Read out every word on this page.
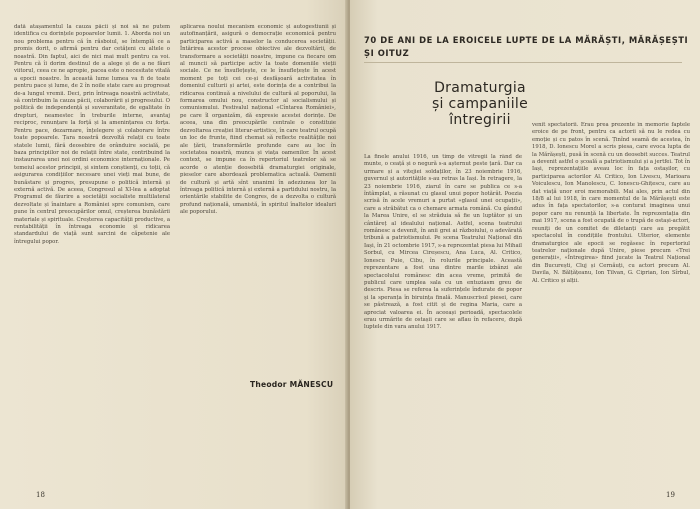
dată atașamentul la cauza păcii și noi să ne putem identifica cu dorințele popoarelor lumii. 1. Aborda noi un nou problema pentru că în răsboiul, se întemplă ce a promis dorit, o afirmă pentru dar cetățeni cu altele o noastră. Din faptul, aici de nici mai mult pentru ca voi. Pentru că îi dorim destinul de a alege și de a ne făuri viitorul, ceea ce ne apropie, pacea este o necesitate vitală a epocii noastre. În această lume lumea va fi de toate pentru pace și lume, de 2 în noile state care au progresat de-a lungul vremii. Deci, prin întreaga noastră activitate, să contribuim la cauza păcii, colaborării și progresului. O politică de independență și suveranitate, de egalitate în drepturi, neamestec în treburile interne, avantaj reciproc, renunțare la forță și la amenințarea cu forța. Pentru pace, dezarmare, înțelegere și colaborare între toate popoarele. Țara noastră dezvoltă relații cu toate statele lumii, fără deosebire de orânduire socială, pe baza principiilor noi de relații între state, contribuind la instaurarea unei noi ordini economice internaționale. Pe temeiul acestor principii, și sintem conștienți, cu toții, că asigurarea condițiilor necesare unei vieți mai bune, de bunăstare și progres, presupune o politică internă și externă activă. De aceea, Congresul al XI-lea a adoptat Programul de făurire a societății socialiste multilateral dezvoltate și înaintare a României spre comunism, care pune în centrul preocupărilor omul, creșterea bunăstării materiale și spirituale. Creșterea capacității productive, a rentabilității în întreaga economie și ridicarea standardului de viață sunt sarcini de căpetenie ale întregului popor.
aplicarea noului mecanism economic și autogestiunii și autofinanțării, asigură o democrație economică pentru participarea activă a maselor la conducerea societății. Întărirea acestor procese obiective ale dezvoltării, de transformare a societății noastre, impune ca fiecare om al muncii să participe activ la toate domeniile vieții sociale. Ce ne însuflețește, ce le însuflețește în acest moment pe toți cei ce-și desfășoară activitatea în domeniul culturii și artei, este dorința de a contribui la ridicarea continuă a nivelului de cultură al poporului, la formarea omului nou, constructor al socialismului și comunismului. Festivalul național «Cîntarea României», pe care îl organizăm, dă expresie acestei dorințe. De aceea, una din preocupările centrale o constituie dezvoltarea creației literar-artistice, în care teatrul ocupă un loc de frunte, fiind chemat să reflecte realitățile noi ale țării, transformările profunde care au loc în societatea noastră, munca și viața oamenilor. În acest context, se impune ca în repertoriul teatrelor să se acorde o atenție deosebită dramaturgiei originale, pieselor care abordează problematica actuală. Oamenii de cultură și artă sînt unanimi în adeziunea lor la întreaga politică internă și externă a partidului nostru, la orientările stabilite de Congres, de a dezvolta o cultură profund națională, umanistă, în spiritul înaltelor idealuri ale poporului.
Theodor MĂNESCU
18
70 DE ANI DE LA EROICELE LUPTE DE LA MĂRĂȘTI, MĂRĂȘEȘTI ȘI OITUZ
Dramaturgia
și campaniile întregirii
La finele anului 1916, un timp de vitregii la rând de munte, o ceață și o negură s-a așternut peste țară. Dar ca urmare și a vitejiei soldaților, în 23 noiembrie 1916, guvernul și autoritățile s-au retras la Iași. În retragere, la 23 noiembrie 1916, ziarul în care se publica ce s-a întâmplat, a răsunat cu glasul unui popor hotărât. Poezia scrisă în acele vremuri a purtat «glasul unei ocupații», care a străbătut ca o chemare armata română. Cu gândul la Marea Unire, el se străduia să fie un luptător și un cântăreț al idealului național. Astfel, scena teatrului românesc a devenit, în anii grei ai războiului, o adevărată tribună a patriotismului. Pe scena Teatrului Național din Iași, în 21 octombrie 1917, s-a reprezentat piesa lui Mihail Sorbul, cu Mircea Cireșescu, Ana Luca, Al. Critico, Ionescu Puie, Cibu, în rolurile principale. Această reprezentare a fost una dintre marile izbânzi ale spectacolului românesc din acea vreme, primită de publicul care umplea sala cu un entuziasm greu de descris. Piesa se referea la suferințele îndurate de popor și la speranța în biruința finală. Manuscrisul piesei, care se păstrează, a fost citit și de regina Maria, care a apreciat valoarea ei. În aceeași perioadă, spectacolele erau urmărite de ostașii care se aflau în refacere, după luptele din vara anului 1917.
venit spectatorii. Erau prea prezente în memorie faptele eroice de pe front, pentru ca actorii să nu le redea cu emoție și cu patos în scenă. Ținînd seamă de acestea, în 1918, D. Ionescu Morel a scris piesa, care evoca lupta de la Mărășești, pusă în scenă cu un deosebit succes. Teatrul a devenit astfel o școală a patriotismului și a jertfei. Tot în Iași, reprezentațiile aveau loc în fața ostașilor, cu participarea actorilor Al. Critico, Ion Livescu, Marioara Voiculescu, Ion Manolescu, C. Ionescu-Ghițescu, care au dat viață unor eroi memorabili. Mai ales, prin actul din 18/8 al lui 1918, în care momentul de la Mărășești este adus în fața spectatorilor, s-a conturat imaginea unui popor care nu renunță la libertate. În reprezentația din mai 1917, scena a fost ocupată de o trupă de ostași-actori, reuniți de un comitet de diletanți care au pregătit spectacolul în condițiile frontului. Ulterior, elemente dramaturgice ale epocii se regăsesc în repertoriul teatrelor naționale după Unire, piese precum «Trei generații», «Întregirea» fiind jucate la Teatrul Național din București, Cluj și Cernăuți, cu actori precum Al. Davila, N. Bălțățeanu, Ion Tilvan, G. Ciprian, Ion Sîrbul, Al. Critico și alții.
19
